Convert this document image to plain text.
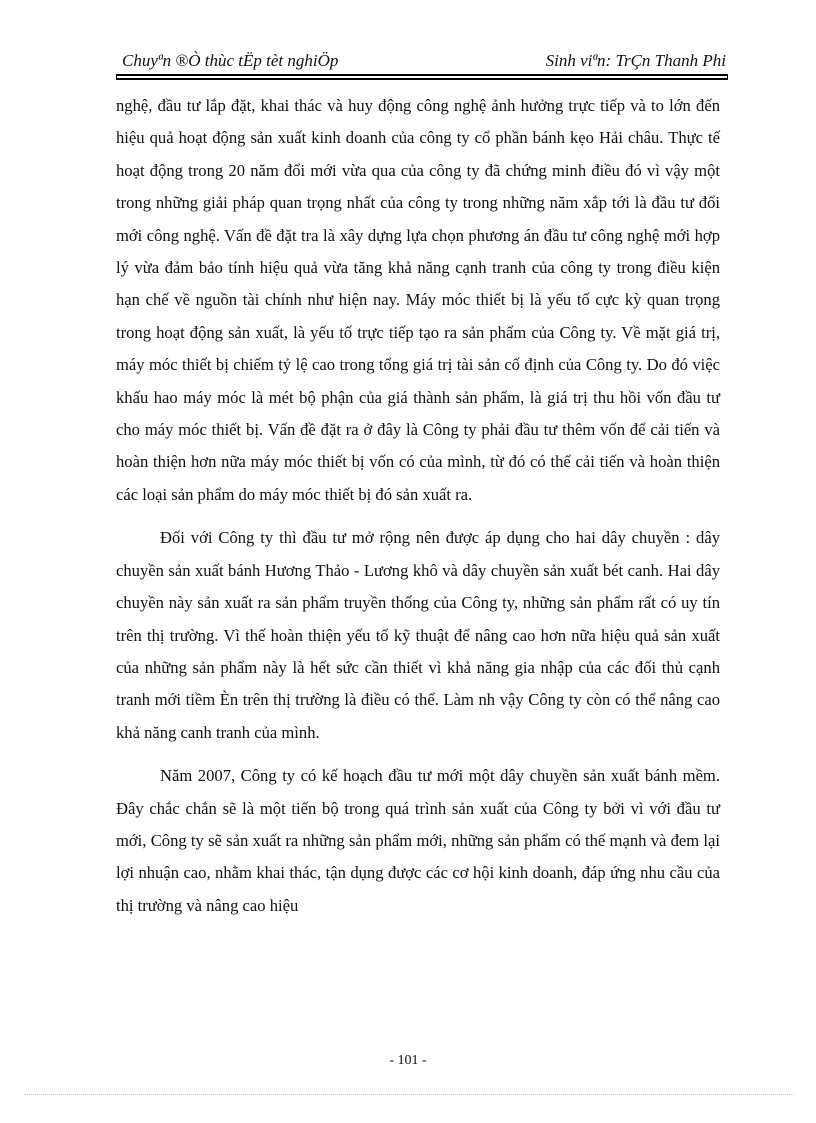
Chuyªn ®Ò thùc tËp tèt nghiÖp	Sinh viªn: TrÇn Thanh Phi

nghệ, đầu tư lắp đặt, khai thác và huy động công nghệ ảnh hưởng trực tiếp và to lớn đến hiệu quả hoạt động sản xuất kinh doanh của công ty cổ phần bánh kẹo Hải châu. Thực tế hoạt động trong 20 năm đổi mới vừa qua của công ty đã chứng minh điều đó vì vậy một trong những giải pháp quan trọng nhất của công ty trong những năm xắp tới là đầu tư đổi mới công nghệ. Vấn đề đặt tra là xây dựng lựa chọn phương án đầu tư công nghệ mới hợp lý vừa đảm bảo tính hiệu quả vừa tăng khả năng cạnh tranh của công ty trong điều kiện hạn chế về nguồn tài chính như hiện nay. Máy móc thiết bị là yếu tố cực kỳ quan trọng trong hoạt động sản xuất, là yếu tố trực tiếp tạo ra sản phẩm của Công ty. Về mặt giá trị, máy móc thiết bị chiếm tỷ lệ cao trong tổng giá trị tài sản cố định của Công ty. Do đó việc khấu hao máy móc là mét bộ phận của giá thành sản phẩm, là giá trị thu hồi vốn đầu tư cho máy móc thiết bị. Vấn đề đặt ra ở đây là Công ty phải đầu tư thêm vốn để cải tiến và hoàn thiện hơn nữa máy móc thiết bị vốn có của mình, từ đó có thể cải tiến và hoàn thiện các loại sản phẩm do máy móc thiết bị đó sản xuất ra.

Đối với Công ty thì đầu tư mở rộng nên được áp dụng cho hai dây chuyền : dây chuyền sản xuất bánh Hương Thảo - Lương khô và dây chuyền sản xuất bét canh. Hai dây chuyền này sản xuất ra sản phẩm truyền thống của Công ty, những sản phẩm rất có uy tín trên thị trường. Vì thế hoàn thiện yếu tố kỹ thuật để nâng cao hơn nữa hiệu quả sản xuất của những sản phẩm này là hết sức cần thiết vì khả năng gia nhập của các đối thủ cạnh tranh mới tiềm Èn trên thị trường là điều có thể. Làm nh vậy Công ty còn có thể nâng cao khả năng canh tranh của mình.

Năm 2007, Công ty có kế hoạch đầu tư mới một dây chuyền sản xuất bánh mềm. Đây chắc chắn sẽ là một tiến bộ trong quá trình sản xuất của Công ty bởi vì với đầu tư mới, Công ty sẽ sản xuất ra những sản phẩm mới, những sản phẩm có thế mạnh và đem lại lợi nhuận cao, nhằm khai thác, tận dụng được các cơ hội kinh doanh, đáp ứng nhu cầu của thị trường và nâng cao hiệu

- 101 -
